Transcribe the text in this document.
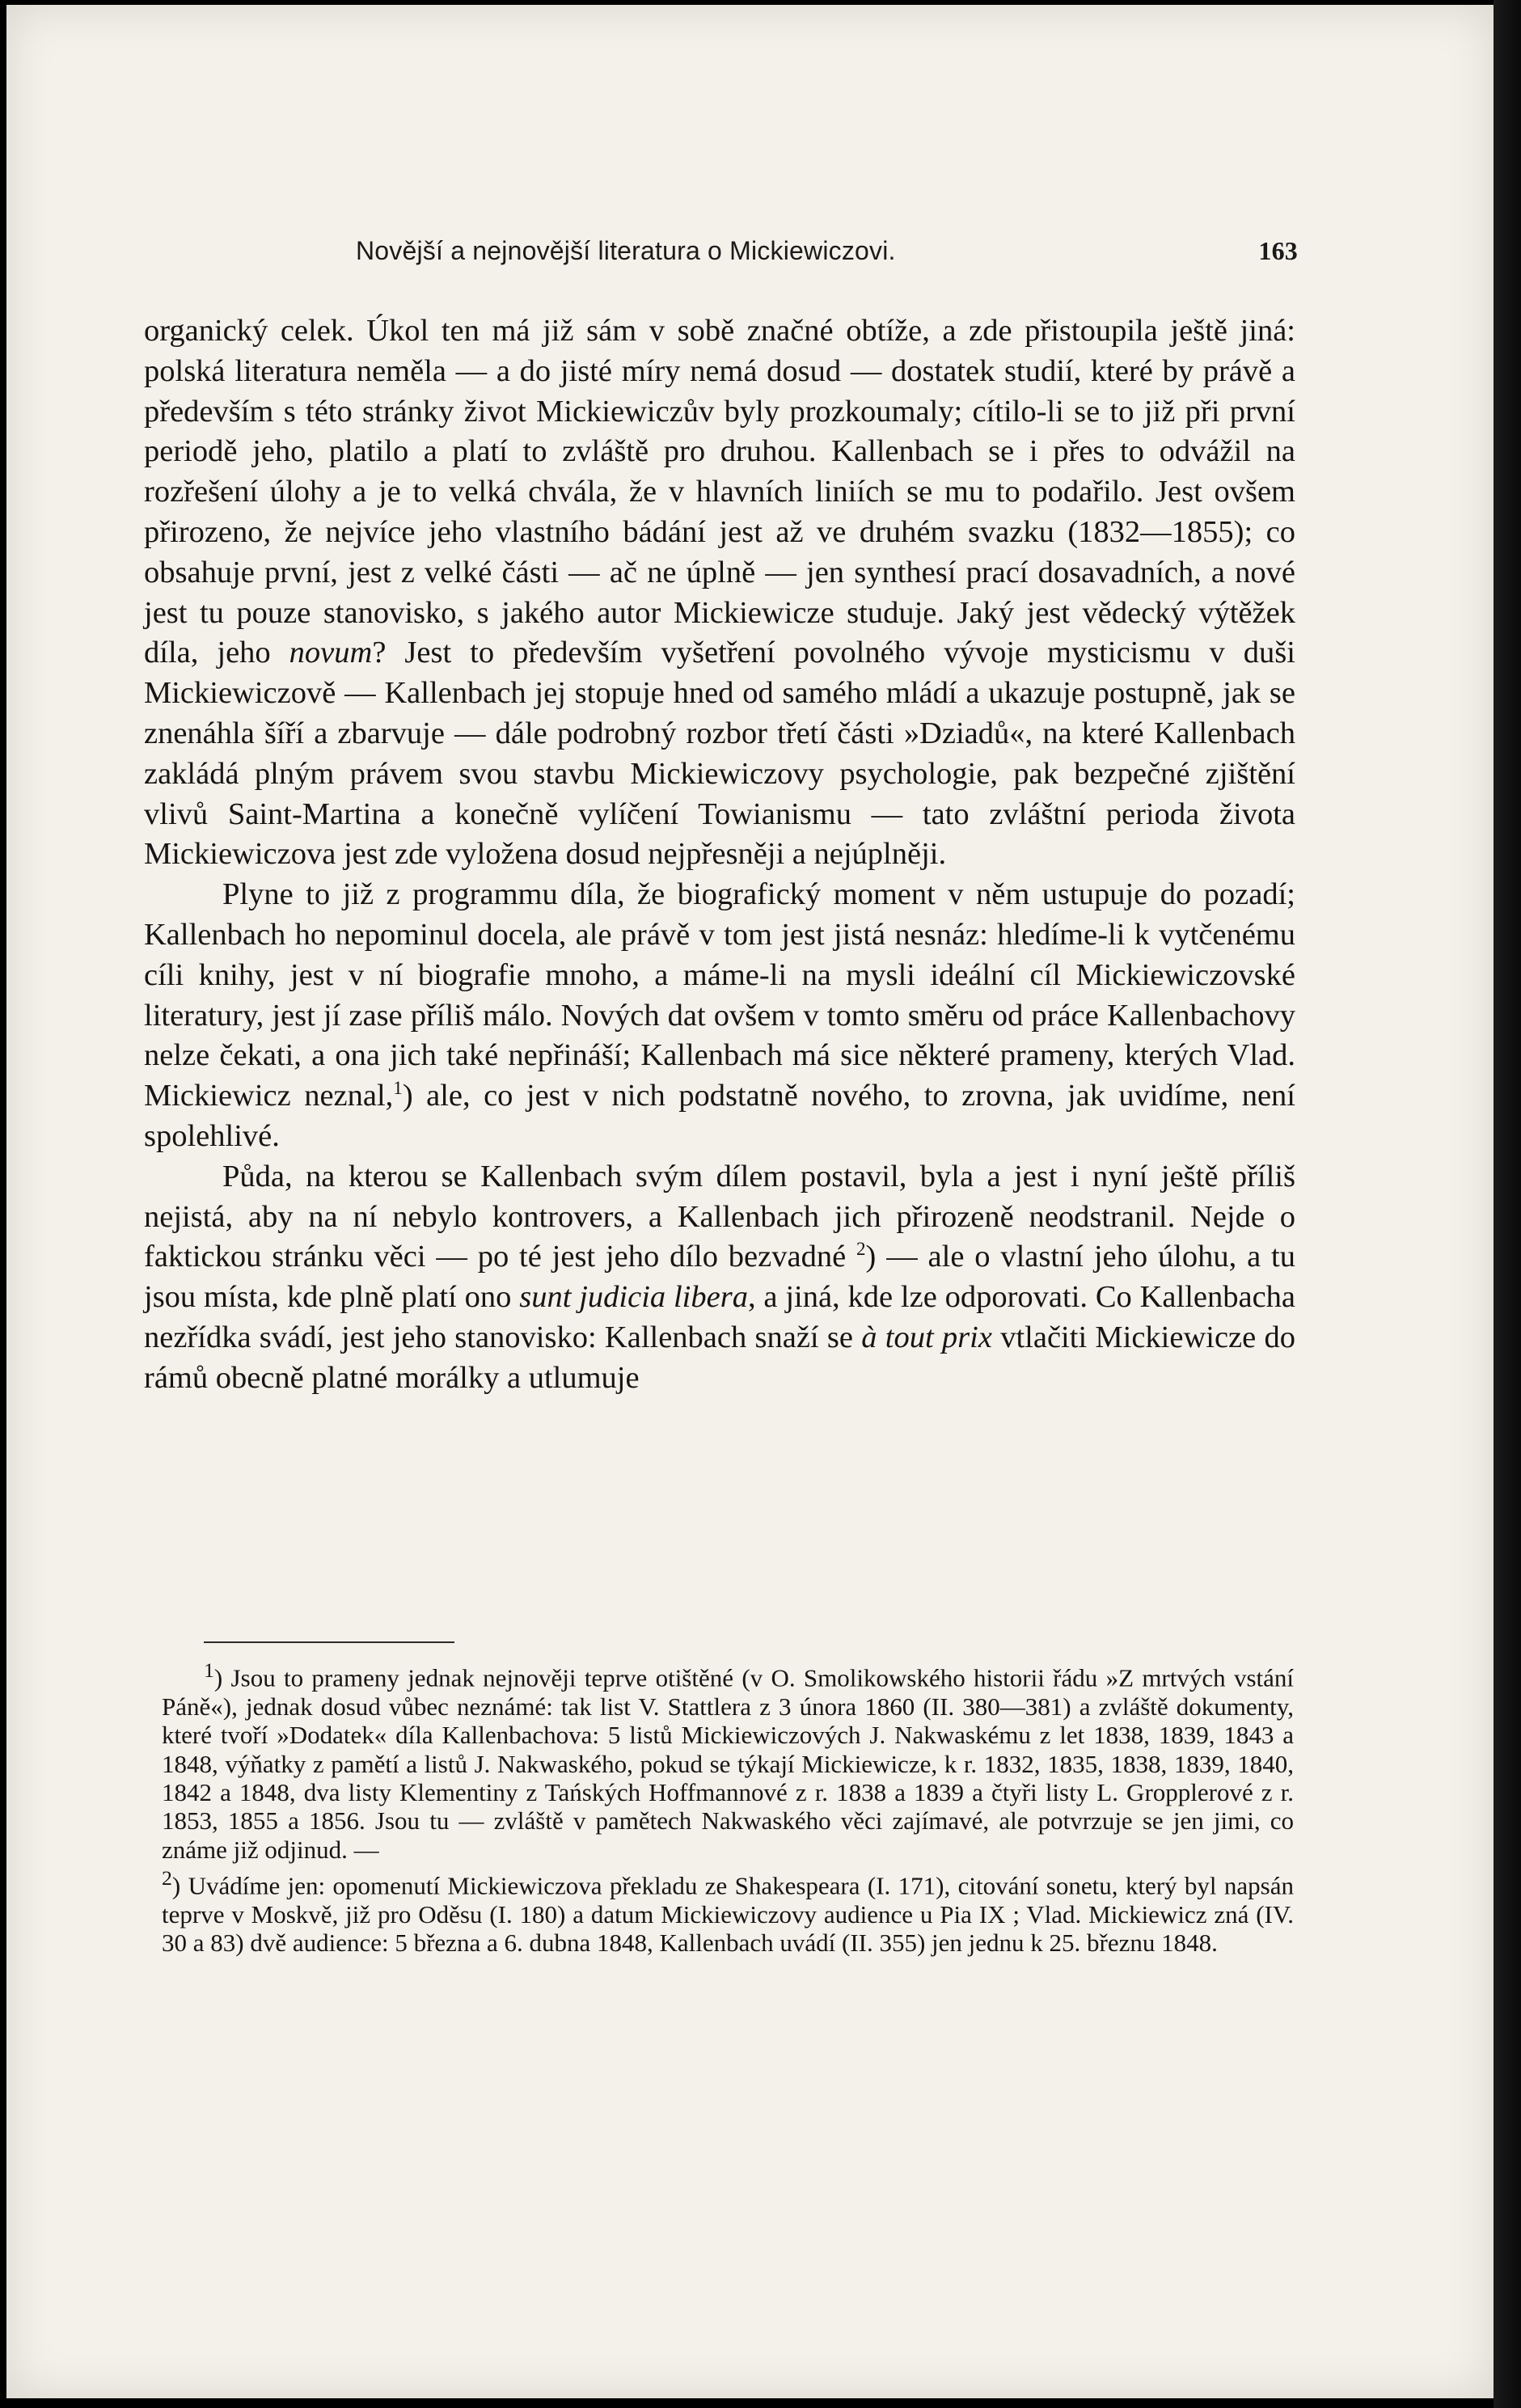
Novější a nejnovější literatura o Mickiewiczovi.	163

organický celek. Úkol ten má již sám v sobě značné obtíže, a zde přistoupila ještě jiná: polská literatura neměla — a do jisté míry nemá dosud — dostatek studií, které by právě a především s této stránky život Mickiewiczův byly prozkoumaly; cítilo-li se to již při první periodě jeho, platilo a platí to zvláště pro druhou. Kallenbach se i přes to odvážil na rozřešení úlohy a je to velká chvála, že v hlavních liniích se mu to podařilo. Jest ovšem přirozeno, že nejvíce jeho vlastního bádání jest až ve druhém svazku (1832—1855); co obsahuje první, jest z velké části — ač ne úplně — jen synthesí prací dosavadních, a nové jest tu pouze stanovisko, s jakého autor Mickiewicze studuje. Jaký jest vědecký výtěžek díla, jeho novum? Jest to především vyšetření povolného vývoje mysticismu v duši Mickiewiczově — Kallenbach jej stopuje hned od samého mládí a ukazuje postupně, jak se znenáhla šíří a zbarvuje — dále podrobný rozbor třetí části »Dziadů«, na které Kallenbach zakládá plným právem svou stavbu Mickiewiczovy psychologie, pak bezpečné zjištění vlivů Saint-Martina a konečně vylíčení Towianismu — tato zvláštní perioda života Mickiewiczova jest zde vyložena dosud nejpřesněji a nejúplněji.

Plyne to již z programmu díla, že biografický moment v něm ustupuje do pozadí; Kallenbach ho nepominul docela, ale právě v tom jest jistá nesnáz: hledíme-li k vytčenému cíli knihy, jest v ní biografie mnoho, a máme-li na mysli ideální cíl Mickiewiczovské literatury, jest jí zase příliš málo. Nových dat ovšem v tomto směru od práce Kallenbachovy nelze čekati, a ona jich také nepřináší; Kallenbach má sice některé prameny, kterých Vlad. Mickiewicz neznal,$^1$) ale, co jest v nich podstatně nového, to zrovna, jak uvidíme, není spolehlivé.

Půda, na kterou se Kallenbach svým dílem postavil, byla a jest i nyní ještě příliš nejistá, aby na ní nebylo kontrovers, a Kallenbach jich přirozeně neodstranil. Nejde o faktickou stránku věci — po té jest jeho dílo bezvadné $^2$) — ale o vlastní jeho úlohu, a tu jsou místa, kde plně platí ono sunt judicia libera, a jiná, kde lze odporovati. Co Kallenbacha nezřídka svádí, jest jeho stanovisko: Kallenbach snaží se à tout prix vtlačiti Mickiewicze do rámů obecně platné morálky a utlumuje

$^1$) Jsou to prameny jednak nejnověji teprve otištěné (v O. Smolikowského historii řádu »Z mrtvých vstání Páně«), jednak dosud vůbec neznámé: tak list V. Stattlera z 3 února 1860 (II. 380—381) a zvláště dokumenty, které tvoří »Dodatek« díla Kallenbachova: 5 listů Mickiewiczových J. Nakwaskému z let 1838, 1839, 1843 a 1848, výňatky z pamětí a listů J. Nakwaského, pokud se týkají Mickiewicze, k r. 1832, 1835, 1838, 1839, 1840, 1842 a 1848, dva listy Klementiny z Tańských Hoffmannové z r. 1838 a 1839 a čtyři listy L. Gropplerové z r. 1853, 1855 a 1856. Jsou tu — zvláště v pamětech Nakwaského věci zajímavé, ale potvrzuje se jen jimi, co známe již odjinud. —

$^2$) Uvádíme jen: opomenutí Mickiewiczova překladu ze Shakespeara (I. 171), citování sonetu, který byl napsán teprve v Moskvě, již pro Oděsu (I. 180) a datum Mickiewiczovy audience u Pia IX ; Vlad. Mickiewicz zná (IV. 30 a 83) dvě audience: 5 března a 6. dubna 1848, Kallenbach uvádí (II. 355) jen jednu k 25. březnu 1848.
